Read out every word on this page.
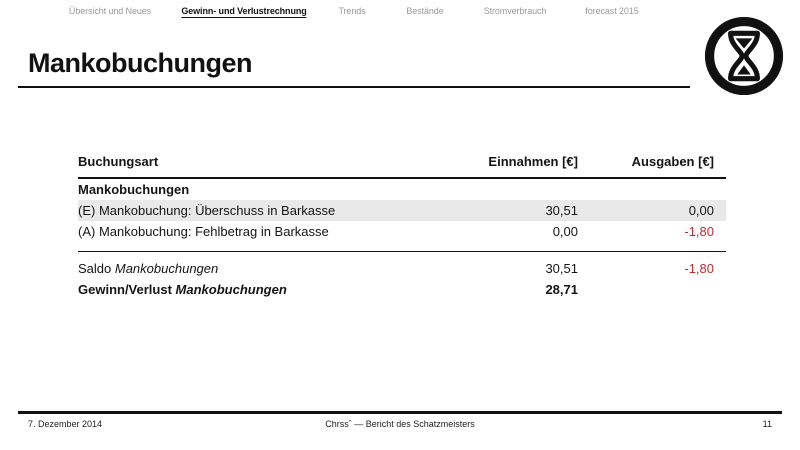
Übersicht und Neues	Gewinn- und Verlustrechnung	Trends	Bestände	Stromverbrauch	forecast 2015
Mankobuchungen
Buchungsart	Einnahmen [€]	Ausgaben [€]
Mankobuchungen		
(E) Mankobuchung: Überschuss in Barkasse	30,51	0,00
(A) Mankobuchung: Fehlbetrag in Barkasse	0,00	-1,80
Saldo Mankobuchungen	30,51	-1,80
Gewinn/Verlust Mankobuchungen	28,71	
7. Dezember 2014	Chrssˆ — Bericht des Schatzmeisters	11
